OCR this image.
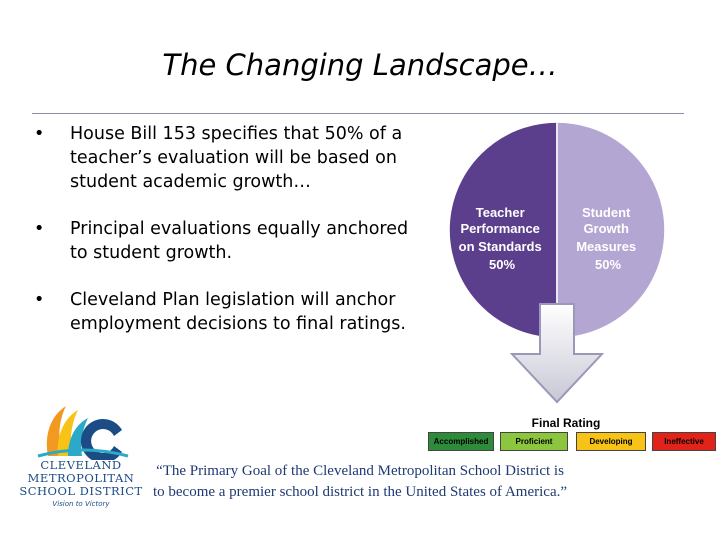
The Changing Landscape…
• House Bill 153 specifies that 50% of a teacher’s evaluation will be based on student academic growth…
• Principal evaluations equally anchored to student growth.
• Cleveland Plan legislation will anchor employment decisions to final ratings.
Teacher Performance on Standards 50%
Student Growth Measures 50%
Final Rating
Accomplished	Proficient	Developing	Ineffective
CLEVELAND
METROPOLITAN
SCHOOL DISTRICT
Vision to Victory
“The Primary Goal of the Cleveland Metropolitan School District is to become a premier school district in the United States of America.”
